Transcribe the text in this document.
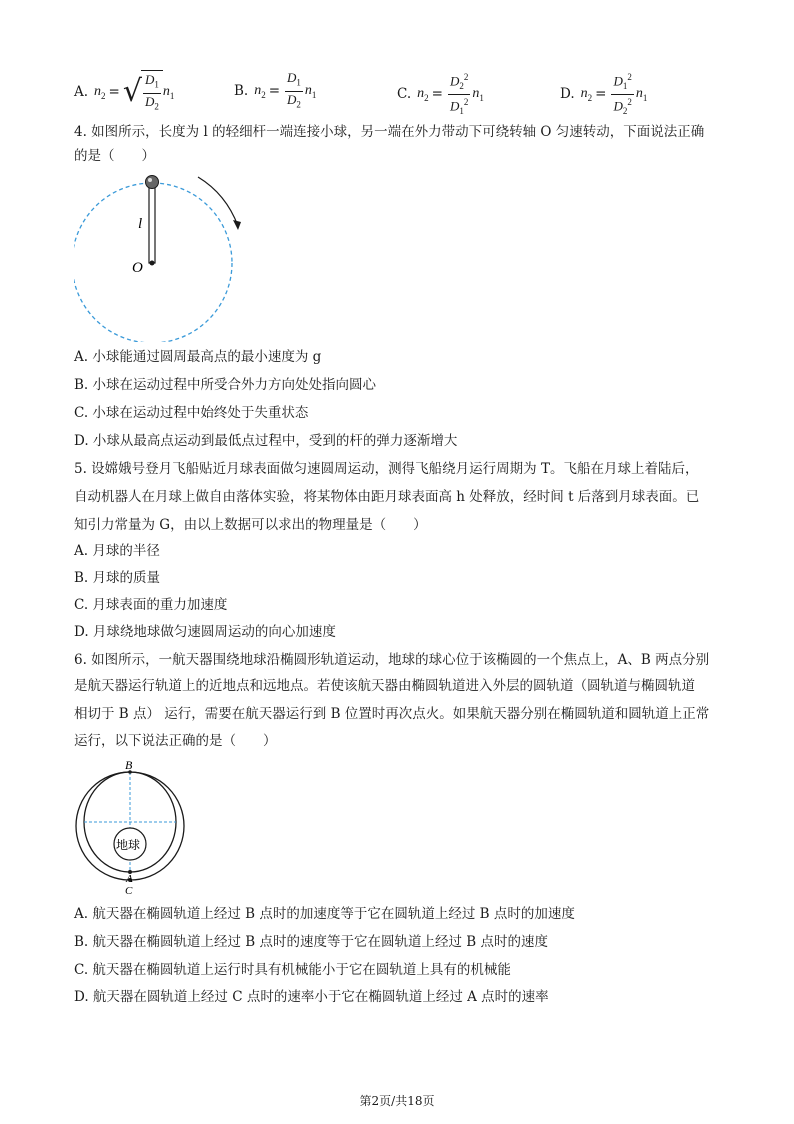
A. $n_2$ = √ $\frac{D_1}{D_2} n_1$	B. $n_2 = \frac{D_1}{D_2} n_1$	C. $n_2 = \frac{D_2^2}{D_1^2} n_1$	D. $n_2 = \frac{D_1^2}{D_2^2} n_1$
4. 如图所示，长度为 l 的轻细杆一端连接小球，另一端在外力带动下可绕转轴 O 匀速转动，下面说法正确
的是（　　）
l
O
A. 小球能通过圆周最高点的最小速度为 g
B. 小球在运动过程中所受合外力方向处处指向圆心
C. 小球在运动过程中始终处于失重状态
D. 小球从最高点运动到最低点过程中，受到的杆的弹力逐渐增大
5. 设嫦娥号登月飞船贴近月球表面做匀速圆周运动，测得飞船绕月运行周期为 T。飞船在月球上着陆后，
自动机器人在月球上做自由落体实验，将某物体由距月球表面高 h 处释放，经时间 t 后落到月球表面。已
知引力常量为 G，由以上数据可以求出的物理量是（　　）
A. 月球的半径
B. 月球的质量
C. 月球表面的重力加速度
D. 月球绕地球做匀速圆周运动的向心加速度
6. 如图所示，一航天器围绕地球沿椭圆形轨道运动，地球的球心位于该椭圆的一个焦点上，A、B 两点分别
是航天器运行轨道上的近地点和远地点。若使该航天器由椭圆轨道进入外层的圆轨道（圆轨道与椭圆轨道
相切于 B 点） 运行，需要在航天器运行到 B 位置时再次点火。如果航天器分别在椭圆轨道和圆轨道上正常
运行，以下说法正确的是（　　）
地球
B
A
C
A. 航天器在椭圆轨道上经过 B 点时的加速度等于它在圆轨道上经过 B 点时的加速度
B. 航天器在椭圆轨道上经过 B 点时的速度等于它在圆轨道上经过 B 点时的速度
C. 航天器在椭圆轨道上运行时具有机械能小于它在圆轨道上具有的机械能
D. 航天器在圆轨道上经过 C 点时的速率小于它在椭圆轨道上经过 A 点时的速率
第2页/共18页
